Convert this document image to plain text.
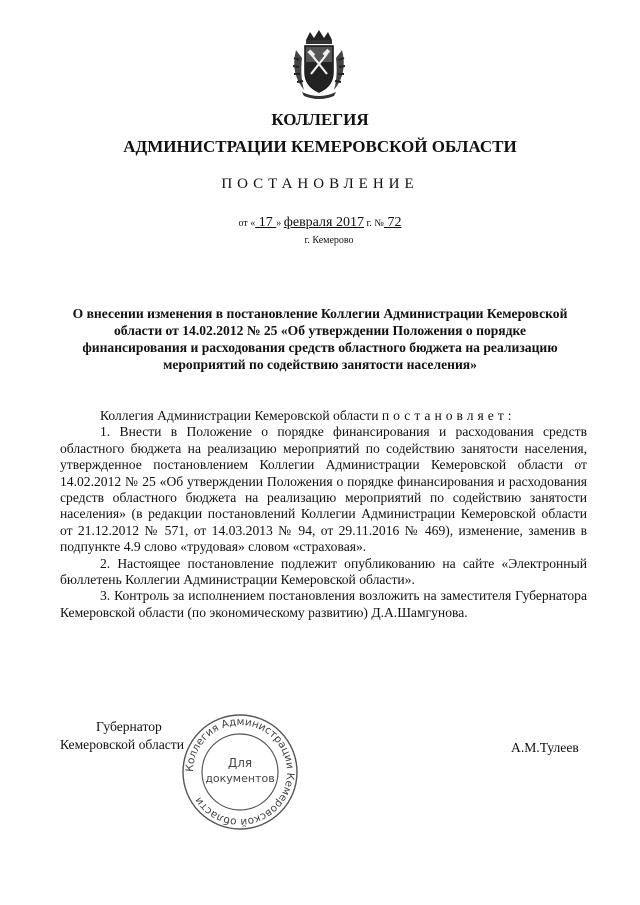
КОЛЛЕГИЯ
АДМИНИСТРАЦИИ КЕМЕРОВСКОЙ ОБЛАСТИ
ПОСТАНОВЛЕНИЕ
от « 17 » февраля 2017 г. № 72
г. Кемерово
О внесении изменения в постановление Коллегии Администрации Кемеровской области от 14.02.2012 № 25 «Об утверждении Положения о порядке финансирования и расходования средств областного бюджета на реализацию мероприятий по содействию занятости населения»

Коллегия Администрации Кемеровской области постановляет:

1. Внести в Положение о порядке финансирования и расходования средств областного бюджета на реализацию мероприятий по содействию занятости населения, утвержденное постановлением Коллегии Администрации Кемеровской области от 14.02.2012 № 25 «Об утверждении Положения о порядке финансирования и расходования средств областного бюджета на реализацию мероприятий по содействию занятости населения» (в редакции постановлений Коллегии Администрации Кемеровской области от 21.12.2012 № 571, от 14.03.2013 № 94, от 29.11.2016 № 469), изменение, заменив в подпункте 4.9 слово «трудовая» словом «страховая».

2. Настоящее постановление подлежит опубликованию на сайте «Электронный бюллетень Коллегии Администрации Кемеровской области».

3. Контроль за исполнением постановления возложить на заместителя Губернатора Кемеровской области (по экономическому развитию) Д.А.Шамгунова.

Губернатор
Кемеровской области	А.М.Тулеев
Коллегия Администрации Кемеровской области
Для
документов
